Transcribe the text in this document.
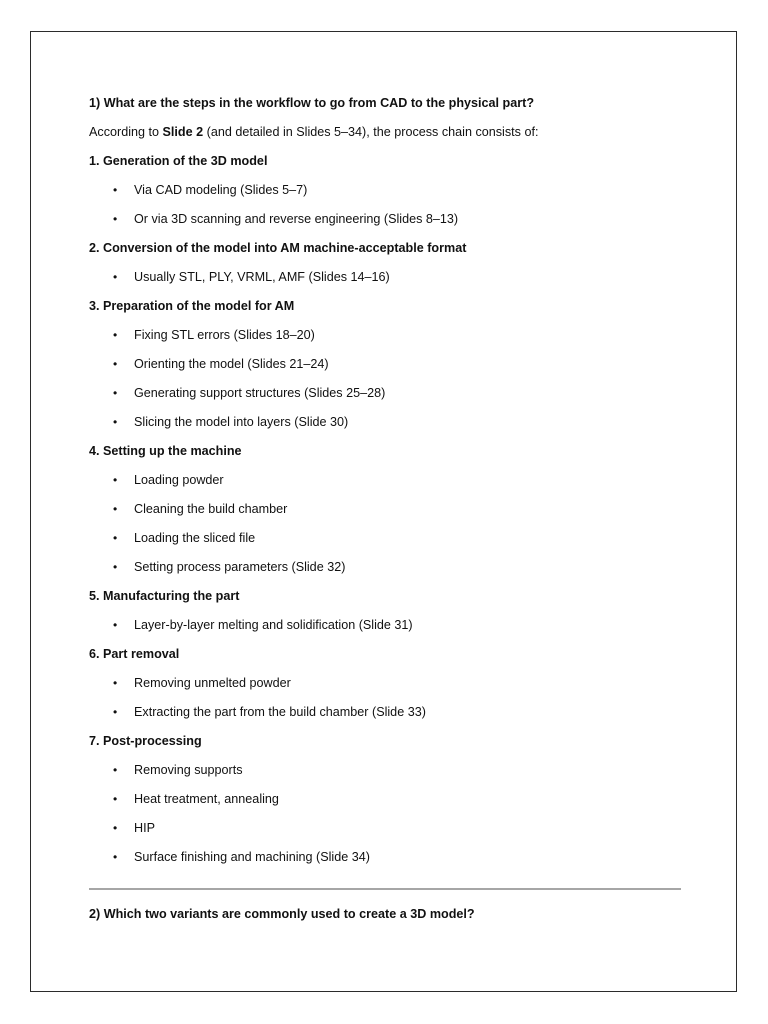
1) What are the steps in the workflow to go from CAD to the physical part?
According to Slide 2 (and detailed in Slides 5–34), the process chain consists of:
1. Generation of the 3D model
• Via CAD modeling (Slides 5–7)
• Or via 3D scanning and reverse engineering (Slides 8–13)
2. Conversion of the model into AM machine-acceptable format
• Usually STL, PLY, VRML, AMF (Slides 14–16)
3. Preparation of the model for AM
• Fixing STL errors (Slides 18–20)
• Orienting the model (Slides 21–24)
• Generating support structures (Slides 25–28)
• Slicing the model into layers (Slide 30)
4. Setting up the machine
• Loading powder
• Cleaning the build chamber
• Loading the sliced file
• Setting process parameters (Slide 32)
5. Manufacturing the part
• Layer-by-layer melting and solidification (Slide 31)
6. Part removal
• Removing unmelted powder
• Extracting the part from the build chamber (Slide 33)
7. Post-processing
• Removing supports
• Heat treatment, annealing
• HIP
• Surface finishing and machining (Slide 34)
2) Which two variants are commonly used to create a 3D model?
